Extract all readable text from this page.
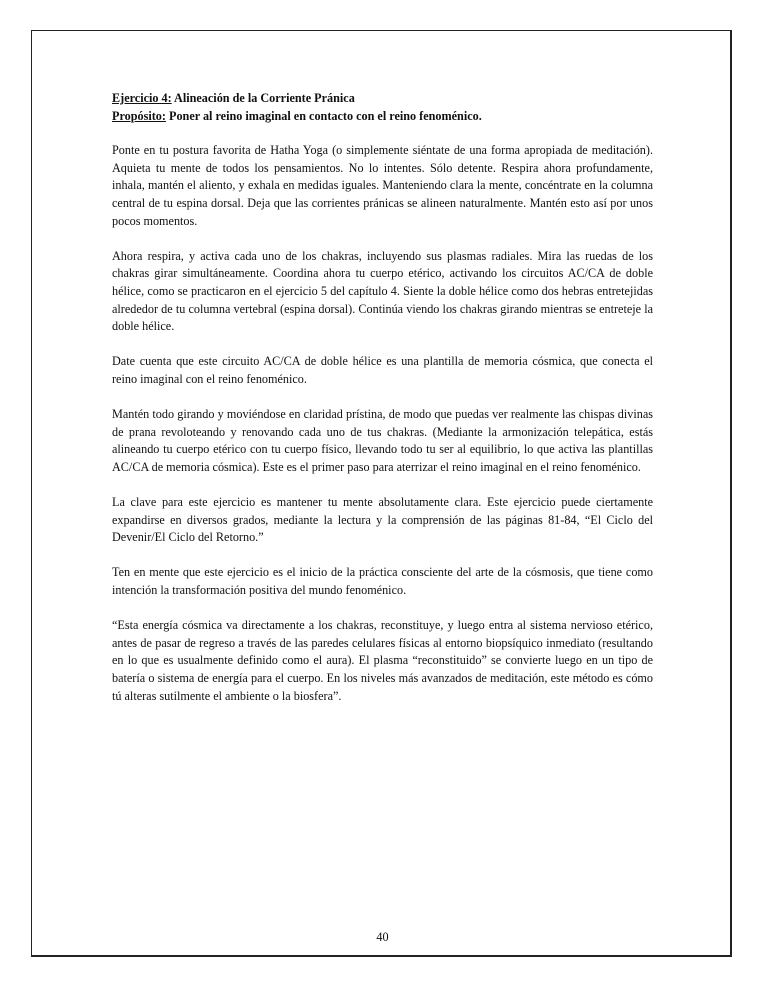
Ejercicio 4: Alineación de la Corriente Pránica
Propósito: Poner al reino imaginal en contacto con el reino fenoménico.

Ponte en tu postura favorita de Hatha Yoga (o simplemente siéntate de una forma apropiada de meditación). Aquieta tu mente de todos los pensamientos. No lo intentes. Sólo detente. Respira ahora profundamente, inhala, mantén el aliento, y exhala en medidas iguales. Manteniendo clara la mente, concéntrate en la columna central de tu espina dorsal. Deja que las corrientes pránicas se alineen naturalmente. Mantén esto así por unos pocos momentos.

Ahora respira, y activa cada uno de los chakras, incluyendo sus plasmas radiales. Mira las ruedas de los chakras girar simultáneamente. Coordina ahora tu cuerpo etérico, activando los circuitos AC/CA de doble hélice, como se practicaron en el ejercicio 5 del capítulo 4. Siente la doble hélice como dos hebras entretejidas alrededor de tu columna vertebral (espina dorsal). Continúa viendo los chakras girando mientras se entreteje la doble hélice.

Date cuenta que este circuito AC/CA de doble hélice es una plantilla de memoria cósmica, que conecta el reino imaginal con el reino fenoménico.

Mantén todo girando y moviéndose en claridad prístina, de modo que puedas ver realmente las chispas divinas de prana revoloteando y renovando cada uno de tus chakras. (Mediante la armonización telepática, estás alineando tu cuerpo etérico con tu cuerpo físico, llevando todo tu ser al equilibrio, lo que activa las plantillas AC/CA de memoria cósmica). Este es el primer paso para aterrizar el reino imaginal en el reino fenoménico.

La clave para este ejercicio es mantener tu mente absolutamente clara. Este ejercicio puede ciertamente expandirse en diversos grados, mediante la lectura y la comprensión de las páginas 81-84, “El Ciclo del Devenir/El Ciclo del Retorno.”

Ten en mente que este ejercicio es el inicio de la práctica consciente del arte de la cósmosis, que tiene como intención la transformación positiva del mundo fenoménico.

“Esta energía cósmica va directamente a los chakras, reconstituye, y luego entra al sistema nervioso etérico, antes de pasar de regreso a través de las paredes celulares físicas al entorno biopsíquico inmediato (resultando en lo que es usualmente definido como el aura). El plasma “reconstituido” se convierte luego en un tipo de batería o sistema de energía para el cuerpo. En los niveles más avanzados de meditación, este método es cómo tú alteras sutilmente el ambiente o la biosfera”.

40
